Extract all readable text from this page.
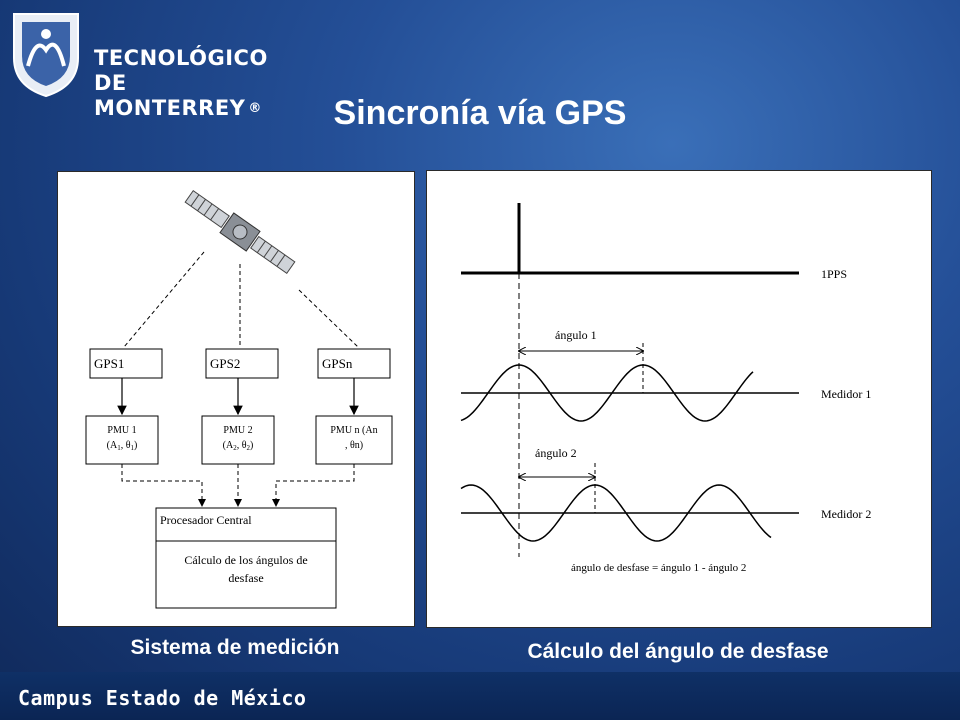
TECNOLÓGICO
DE MONTERREY ®	Sincronía vía GPS
GPS1	GPS2	GPSn
PMU 1
($A_1$, $\theta_1$)
PMU 2
($A_2$, $\theta_2$)
PMU n (An
, θn)
Procesador Central
Cálculo de los ángulos de
desfase
1PPS
Medidor 1
ángulo 1
Medidor 2
ángulo 2
ángulo de desfase = ángulo 1 - ángulo 2
Sistema de medición	Cálculo del ángulo de desfase
Campus Estado de México
